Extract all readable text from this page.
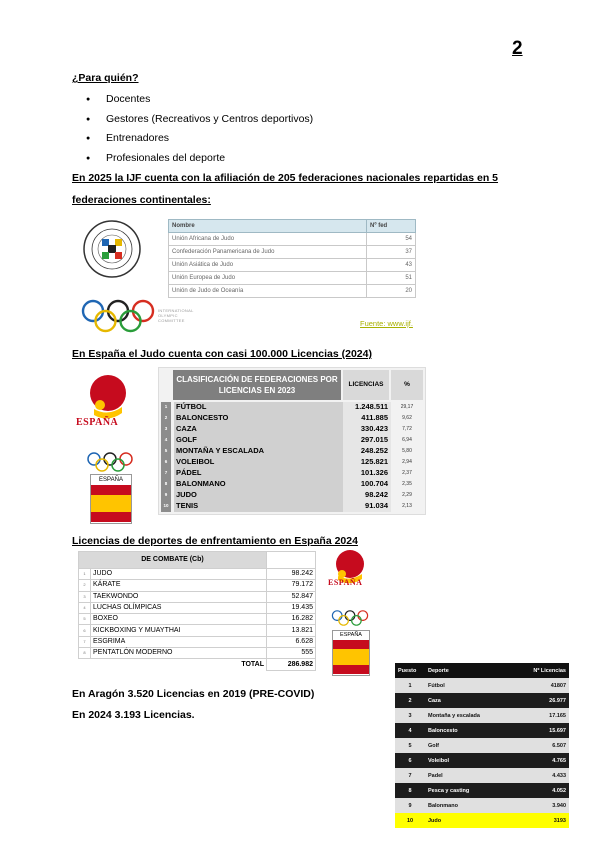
2
¿Para quién?
● Docentes
● Gestores (Recreativos y Centros deportivos)
● Entrenadores
● Profesionales del deporte
En 2025 la IJF cuenta con la afiliación de 205 federaciones nacionales repartidas en 5 federaciones continentales:
Nombre	Nº fed
Unión Africana de Judo	54
Confederación Panamericana de Judo	37
Unión Asiática de Judo	43
Unión Europea de Judo	51
Unión de Judo de Oceanía	20
INTERNATIONAL OLYMPIC COMMITTEE	Fuente: www.ijf.
En España el Judo cuenta con casi 100.000 Licencias (2024)
ESPAÑA
ESPAÑA
CLASIFICACIÓN DE FEDERACIONES POR LICENCIAS EN 2023
LICENCIAS	%
1	FÚTBOL	1.248.511	29,17
2	BALONCESTO	411.885	9,62
3	CAZA	330.423	7,72
4	GOLF	297.015	6,94
5	MONTAÑA Y ESCALADA	248.252	5,80
6	VOLEIBOL	125.821	2,94
7	PÁDEL	101.326	2,37
8	BALONMANO	100.704	2,35
9	JUDO	98.242	2,29
10	TENIS	91.034	2,13
Licencias de deportes de enfrentamiento en España 2024
DE COMBATE (Cb)		
1	JUDO	98.242
2	KÁRATE	79.172
3	TAEKWONDO	52.847
4	LUCHAS OLÍMPICAS	19.435
5	BOXEO	16.282
6	KICKBOXING Y MUAYTHAI	13.821
7	ESGRIMA	6.628
8	PENTATLÓN MODERNO	555
	TOTAL	286.982
ESPAÑA
ESPAÑA
En Aragón 3.520 Licencias en 2019 (PRE-COVID)
En 2024 3.193 Licencias.
Puesto	Deporte	Nº Licencias
1	Fútbol	41807
2	Caza	26.977
3	Montaña y escalada	17.165
4	Baloncesto	15.697
5	Golf	6.507
6	Voleibol	4.765
7	Padel	4.433
8	Pesca y casting	4.052
9	Balonmano	3.940
10	Judo	3193
